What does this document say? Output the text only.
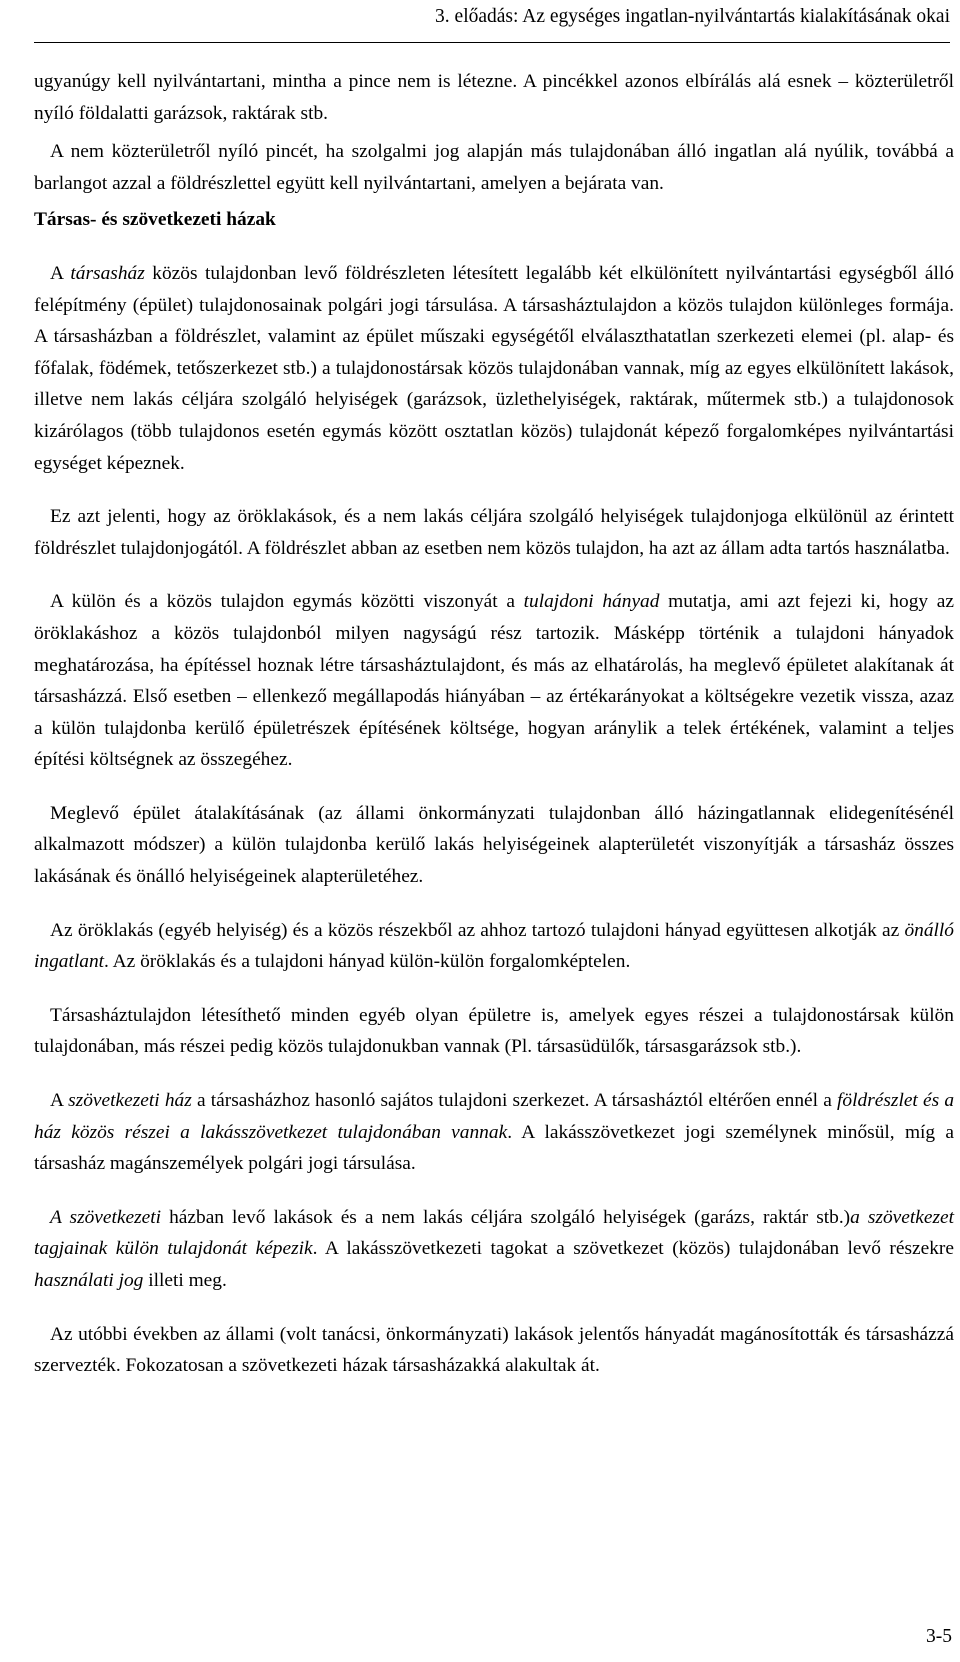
3. előadás: Az egységes ingatlan-nyilvántartás kialakításának okai

ugyanúgy kell nyilvántartani, mintha a pince nem is létezne. A pincékkel azonos elbírálás alá esnek – közterületről nyíló földalatti garázsok, raktárak stb.

A nem közterületről nyíló pincét, ha szolgalmi jog alapján más tulajdonában álló ingatlan alá nyúlik, továbbá a barlangot azzal a földrészlettel együtt kell nyilvántartani, amelyen a bejárata van.

Társas- és szövetkezeti házak

A társasház közös tulajdonban levő földrészleten létesített legalább két elkülönített nyilvántartási egységből álló felépítmény (épület) tulajdonosainak polgári jogi társulása. A társasháztulajdon a közös tulajdon különleges formája. A társasházban a földrészlet, valamint az épület műszaki egységétől elválaszthatatlan szerkezeti elemei (pl. alap- és főfalak, födémek, tetőszerkezet stb.) a tulajdonostársak közös tulajdonában vannak, míg az egyes elkülönített lakások, illetve nem lakás céljára szolgáló helyiségek (garázsok, üzlethelyiségek, raktárak, műtermek stb.) a tulajdonosok kizárólagos (több tulajdonos esetén egymás között osztatlan közös) tulajdonát képező forgalomképes nyilvántartási egységet képeznek.

Ez azt jelenti, hogy az öröklakások, és a nem lakás céljára szolgáló helyiségek tulajdonjoga elkülönül az érintett földrészlet tulajdonjogától. A földrészlet abban az esetben nem közös tulajdon, ha azt az állam adta tartós használatba.

A külön és a közös tulajdon egymás közötti viszonyát a tulajdoni hányad mutatja, ami azt fejezi ki, hogy az öröklakáshoz a közös tulajdonból milyen nagyságú rész tartozik. Másképp történik a tulajdoni hányadok meghatározása, ha építéssel hoznak létre társasháztulajdont, és más az elhatárolás, ha meglevő épületet alakítanak át társasházzá. Első esetben – ellenkező megállapodás hiányában – az értékarányokat a költségekre vezetik vissza, azaz a külön tulajdonba kerülő épületrészek építésének költsége, hogyan aránylik a telek értékének, valamint a teljes építési költségnek az összegéhez.

Meglevő épület átalakításának (az állami önkormányzati tulajdonban álló házingatlannak elidegenítésénél alkalmazott módszer) a külön tulajdonba kerülő lakás helyiségeinek alapterületét viszonyítják a társasház összes lakásának és önálló helyiségeinek alapterületéhez.

Az öröklakás (egyéb helyiség) és a közös részekből az ahhoz tartozó tulajdoni hányad együttesen alkotják az önálló ingatlant. Az öröklakás és a tulajdoni hányad külön-külön forgalomképtelen.

Társasháztulajdon létesíthető minden egyéb olyan épületre is, amelyek egyes részei a tulajdonostársak külön tulajdonában, más részei pedig közös tulajdonukban vannak (Pl. társasüdülők, társasgarázsok stb.).

A szövetkezeti ház a társasházhoz hasonló sajátos tulajdoni szerkezet. A társasháztól eltérően ennél a földrészlet és a ház közös részei a lakásszövetkezet tulajdonában vannak. A lakásszövetkezet jogi személynek minősül, míg a társasház magánszemélyek polgári jogi társulása.

A szövetkezeti házban levő lakások és a nem lakás céljára szolgáló helyiségek (garázs, raktár stb.)a szövetkezet tagjainak külön tulajdonát képezik. A lakásszövetkezeti tagokat a szövetkezet (közös) tulajdonában levő részekre használati jog illeti meg.

Az utóbbi években az állami (volt tanácsi, önkormányzati) lakások jelentős hányadát magánosították és társasházzá szervezték. Fokozatosan a szövetkezeti házak társasházakká alakultak át.

3-5
